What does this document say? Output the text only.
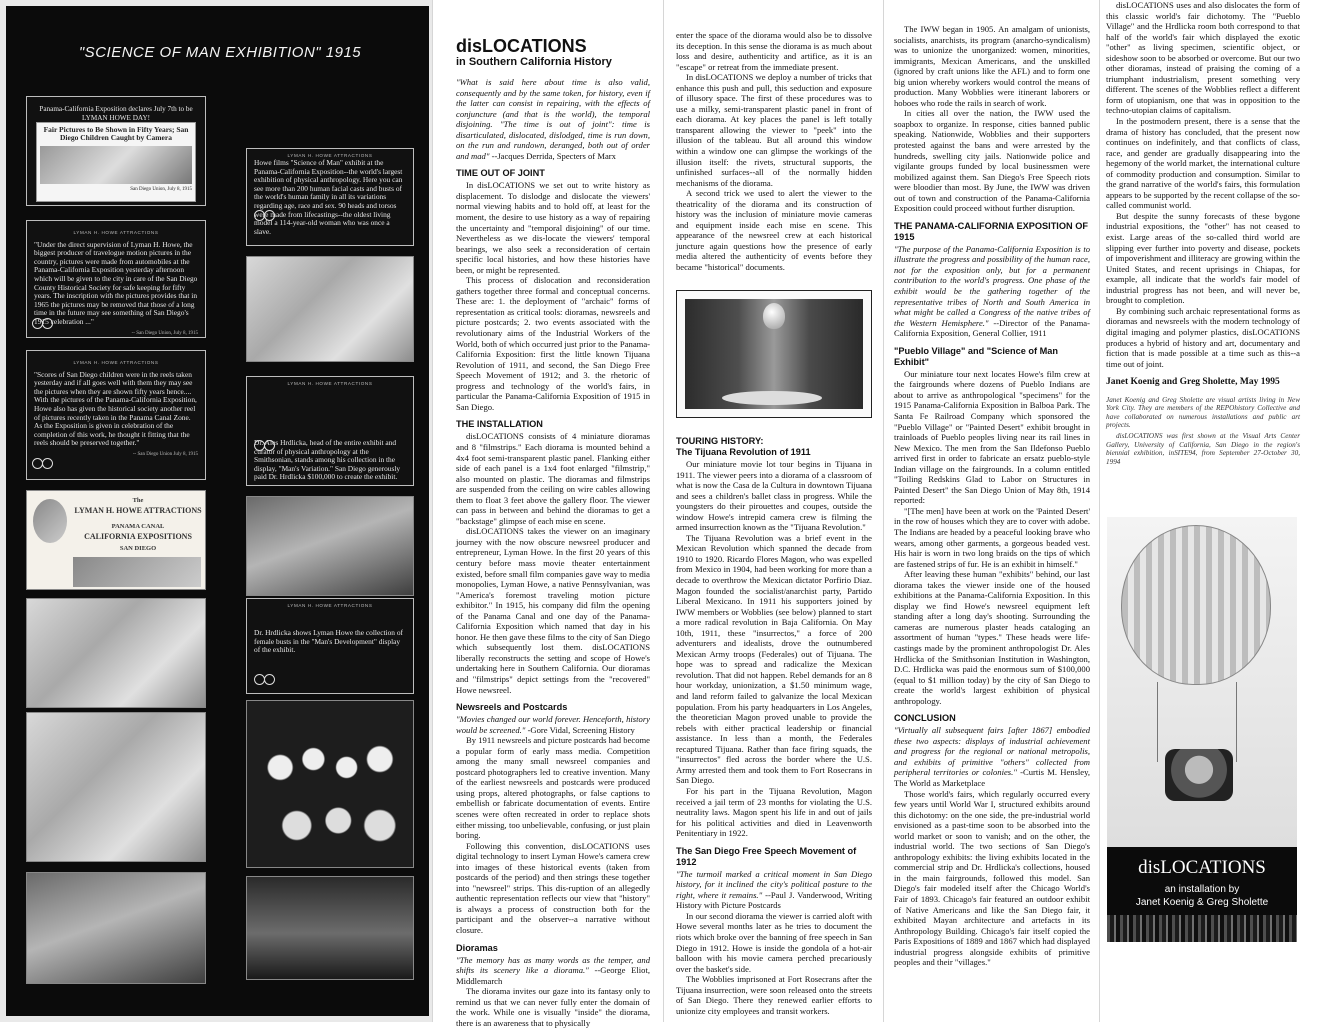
"SCIENCE OF MAN EXHIBITION" 1915

Panama-California Exposition declares July 7th to be LYMAN HOWE DAY!

Fair Pictures to Be Shown in Fifty Years; San Diego Children Caught by Camera
San Diego Union, July 8, 1915
LYMAN H. HOWE ATTRACTIONS

Howe films "Science of Man" exhibit at the Panama-California Exposition--the world's largest exhibition of physical anthropology. Here you can see more than 200 human facial casts and busts of the world's human family in all its variations regarding age, race and sex. 90 heads and torsos were made from lifecastings--the oldest living model a 114-year-old woman who was once a slave.

LYMAN H. HOWE ATTRACTIONS

"Under the direct supervision of Lyman H. Howe, the biggest producer of travelogue motion pictures in the country, pictures were made from automobiles at the Panama-California Exposition yesterday afternoon which will be given to the city in care of the San Diego County Historical Society for safe keeping for fifty years. The inscription with the pictures provides that in 1965 the pictures may be removed that those of a long time in the future may see something of San Diego's 1915 celebration ..."

-- San Diego Union, July 8, 1915
LYMAN H. HOWE ATTRACTIONS

"Scores of San Diego children were in the reels taken yesterday and if all goes well with them they may see the pictures when they are shown fifty years hence.... With the pictures of the Panama-California Exposition, Howe also has given the historical society another reel of pictures recently taken in the Panama Canal Zone. As the Exposition is given in celebration of the completion of this work, he thought it fitting that the reels should be preserved together."

-- San Diego Union July 8, 1915
LYMAN H. HOWE ATTRACTIONS

Dr. Ales Hrdlicka, head of the entire exhibit and curator of physical anthropology at the Smithsonian, stands among his collection in the display, "Man's Variation." San Diego generously paid Dr. Hrdlicka $100,000 to create the exhibit.

The
LYMAN H. HOWE ATTRACTIONS
PANAMA CANAL
CALIFORNIA EXPOSITIONS
SAN DIEGO
LYMAN H. HOWE ATTRACTIONS

Dr. Hrdlicka shows Lyman Howe the collection of female busts in the "Man's Development" display of the exhibit.

disLOCATIONS
in Southern California History

"What is said here about time is also valid, consequently and by the same token, for history, even if the latter can consist in repairing, with the effects of conjuncture (and that is the world), the temporal disjoining. "The time is out of joint": time is disarticulated, dislocated, dislodged, time is run down, on the run and rundown, deranged, both out of order and mad" --Jacques Derrida, Specters of Marx

TIME OUT OF JOINT

In disLOCATIONS we set out to write history as displacement. To dislodge and dislocate the viewers' normal viewing habits and to hold off, at least for the moment, the desire to use history as a way of repairing the uncertainty and "temporal disjoining" of our time. Nevertheless as we dis-locate the viewers' temporal bearings, we also seek a reconsideration of certain specific local histories, and how these histories have been, or might be represented.

This process of dislocation and reconsideration gathers together three formal and conceptual concerns. These are: 1. the deployment of "archaic" forms of representation as critical tools: dioramas, newsreels and picture postcards; 2. two events associated with the revolutionary aims of the Industrial Workers of the World, both of which occurred just prior to the Panama-California Exposition: first the little known Tijuana Revolution of 1911, and second, the San Diego Free Speech Movement of 1912; and 3. the rhetoric of progress and technology of the world's fairs, in particular the Panama-California Exposition of 1915 in San Diego.

THE INSTALLATION

disLOCATIONS consists of 4 miniature dioramas and 8 "filmstrips." Each diorama is mounted behind a 4x4 foot semi-transparent plastic panel. Flanking either side of each panel is a 1x4 foot enlarged "filmstrip," also mounted on plastic. The dioramas and filmstrips are suspended from the ceiling on wire cables allowing them to float 3 feet above the gallery floor. The viewer can pass in between and behind the dioramas to get a "backstage" glimpse of each mise en scene.

disLOCATIONS takes the viewer on an imaginary journey with the now obscure newsreel producer and entrepreneur, Lyman Howe. In the first 20 years of this century before mass movie theater entertainment existed, before small film companies gave way to media monopolies, Lyman Howe, a native Pennsylvanian, was "America's foremost traveling motion picture exhibitor." In 1915, his company did film the opening of the Panama Canal and one day of the Panama-California Exposition which named that day in his honor. He then gave these films to the city of San Diego which subsequently lost them. disLOCATIONS liberally reconstructs the setting and scope of Howe's undertaking here in Southern California. Our dioramas and "filmstrips" depict settings from the "recovered" Howe newsreel.

Newsreels and Postcards

"Movies changed our world forever. Henceforth, history would be screened." -Gore Vidal, Screening History

By 1911 newsreels and picture postcards had become a popular form of early mass media. Competition among the many small newsreel companies and postcard photographers led to creative invention. Many of the earliest newsreels and postcards were produced using props, altered photographs, or false captions to embellish or fabricate documentation of events. Entire scenes were often recreated in order to replace shots either missing, too unbelievable, confusing, or just plain boring.

Following this convention, disLOCATIONS uses digital technology to insert Lyman Howe's camera crew into images of these historical events (taken from postcards of the period) and then strings these together into "newsreel" strips. This dis-ruption of an allegedly authentic representation reflects our view that "history" is always a process of construction both for the participant and the observer--a narrative without closure.

Dioramas

"The memory has as many words as the temper, and shifts its scenery like a diorama." --George Eliot, Middlemarch

The diorama invites our gaze into its fantasy only to remind us that we can never fully enter the domain of the work. While one is visually "inside" the diorama, there is an awareness that to physically

enter the space of the diorama would also be to dissolve its deception. In this sense the diorama is as much about loss and desire, authenticity and artifice, as it is an "escape" or retreat from the immediate present.

In disLOCATIONS we deploy a number of tricks that enhance this push and pull, this seduction and exposure of illusory space. The first of these procedures was to use a milky, semi-transparent plastic panel in front of each diorama. At key places the panel is left totally transparent allowing the viewer to "peek" into the illusion of the tableau. But all around this window within a window one can glimpse the workings of the illusion itself: the rivets, structural supports, the unfinished surfaces--all of the normally hidden mechanisms of the diorama.

A second trick we used to alert the viewer to the theatricality of the diorama and its construction of history was the inclusion of miniature movie cameras and equipment inside each mise en scene. This appearance of the newsreel crew at each historical juncture again questions how the presence of early media altered the authenticity of events before they became "historical" documents.

TOURING HISTORY:
The Tijuana Revolution of 1911

Our miniature movie lot tour begins in Tijuana in 1911. The viewer peers into a diorama of a classroom of what is now the Casa de la Cultura in downtown Tijuana and sees a children's ballet class in progress. While the youngsters do their pirouettes and coupes, outside the window Howe's intrepid camera crew is filming the armed insurrection known as the "Tijuana Revolution."

The Tijuana Revolution was a brief event in the Mexican Revolution which spanned the decade from 1910 to 1920. Ricardo Flores Magon, who was expelled from Mexico in 1904, had been working for more than a decade to overthrow the Mexican dictator Porfirio Diaz. Magon founded the socialist/anarchist party, Partido Liberal Mexicano. In 1911 his supporters joined by IWW members or Wobblies (see below) planned to start a more radical revolution in Baja California. On May 10th, 1911, these "insurrectos," a force of 200 adventurers and idealists, drove the outnumbered Mexican Army troops (Federales) out of Tijuana. The hope was to spread and radicalize the Mexican revolution. That did not happen. Rebel demands for an 8 hour workday, unionization, a $1.50 minimum wage, and land reform failed to galvanize the local Mexican population. From his party headquarters in Los Angeles, the theoretician Magon proved unable to provide the rebels with either practical leadership or financial assistance. In less than a month, the Federales recaptured Tijuana. Rather than face firing squads, the "insurrectos" fled across the border where the U.S. Army arrested them and took them to Fort Rosecrans in San Diego.

For his part in the Tijuana Revolution, Magon received a jail term of 23 months for violating the U.S. neutrality laws. Magon spent his life in and out of jails for his political activities and died in Leavenworth Penitentiary in 1922.

The San Diego Free Speech Movement of 1912

"The turmoil marked a critical moment in San Diego history, for it inclined the city's political posture to the right, where it remains." --Paul J. Vanderwood, Writing History with Picture Postcards

In our second diorama the viewer is carried aloft with Howe several months later as he tries to document the riots which broke over the banning of free speech in San Diego in 1912. Howe is inside the gondola of a hot-air balloon with his movie camera perched precariously over the basket's side.

The Wobblies imprisoned at Fort Rosecrans after the Tijuana insurrection, were soon released onto the streets of San Diego. There they renewed earlier efforts to unionize city employees and transit workers.

The IWW began in 1905. An amalgam of unionists, socialists, anarchists, its program (anarcho-syndicalism) was to unionize the unorganized: women, minorities, immigrants, Mexican Americans, and the unskilled (ignored by craft unions like the AFL) and to form one big union whereby workers would control the means of production. Many Wobblies were itinerant laborers or hoboes who rode the rails in search of work.

In cities all over the nation, the IWW used the soapbox to organize. In response, cities banned public speaking. Nationwide, Wobblies and their supporters protested against the bans and were arrested by the hundreds, swelling city jails. Nationwide police and vigilante groups funded by local businessmen were mobilized against them. San Diego's Free Speech riots were bloodier than most. By June, the IWW was driven out of town and construction of the Panama-California Exposition could proceed without further disruption.

THE PANAMA-CALIFORNIA EXPOSITION OF 1915

"The purpose of the Panama-California Exposition is to illustrate the progress and possibility of the human race, not for the exposition only, but for a permanent contribution to the world's progress. One phase of the exhibit would be the gathering together of the representative tribes of North and South America in what might be called a Congress of the native tribes of the Western Hemisphere." --Director of the Panama-California Exposition, General Collier, 1911

"Pueblo Village" and "Science of Man Exhibit"

Our miniature tour next locates Howe's film crew at the fairgrounds where dozens of Pueblo Indians are about to arrive as anthropological "specimens" for the 1915 Panama-California Exposition in Balboa Park. The Santa Fe Railroad Company which sponsored the "Pueblo Village" or "Painted Desert" exhibit brought in trainloads of Pueblo peoples living near its rail lines in New Mexico. The men from the San Ildefonso Pueblo arrived first in order to fabricate an ersatz pueblo-style Indian village on the fairgrounds. In a column entitled "Toiling Redskins Glad to Labor on Structures in Painted Desert" the San Diego Union of May 8th, 1914 reported:

"[The men] have been at work on the 'Painted Desert' in the row of houses which they are to cover with adobe. The Indians are headed by a peaceful looking brave who wears, among other garments, a gorgeous beaded vest. His hair is worn in two long braids on the tips of which are fastened strips of fur. He is an exhibit in himself."

After leaving these human "exhibits" behind, our last diorama takes the viewer inside one of the housed exhibitions at the Panama-California Exposition. In this display we find Howe's newsreel equipment left standing after a long day's shooting. Surrounding the cameras are numerous plaster heads cataloging an assortment of human "types." These heads were life-castings made by the prominent anthropologist Dr. Ales Hrdlicka of the Smithsonian Institution in Washington, D.C. Hrdlicka was paid the enormous sum of $100,000 (equal to $1 million today) by the city of San Diego to create the world's largest exhibition of physical anthropology.

CONCLUSION

"Virtually all subsequent fairs [after 1867] embodied these two aspects: displays of industrial achievement and progress for the regional or national metropolis, and exhibits of primitive "others" collected from peripheral territories or colonies." -Curtis M. Hensley, The World as Marketplace

Those world's fairs, which regularly occurred every few years until World War I, structured exhibits around this dichotomy: on the one side, the pre-industrial world envisioned as a past-time soon to be absorbed into the world market or soon to vanish; and on the other, the industrial world. The two sections of San Diego's anthropology exhibits: the living exhibits located in the commercial strip and Dr. Hrdlicka's collections, housed in the main fairgrounds, followed this model. San Diego's fair modeled itself after the Chicago World's Fair of 1893. Chicago's fair featured an outdoor exhibit of Native Americans and like the San Diego fair, it exhibited Mayan architecture and artefacts in its Anthropology Building. Chicago's fair itself copied the Paris Expositions of 1889 and 1867 which had displayed industrial progress alongside exhibits of primitive peoples and their "villages."

disLOCATIONS uses and also dislocates the form of this classic world's fair dichotomy. The "Pueblo Village" and the Hrdlicka room both correspond to that half of the world's fair which displayed the exotic "other" as living specimen, scientific object, or sideshow soon to be absorbed or overcome. But our two other dioramas, instead of praising the coming of a triumphant industrialism, present something very different. The scenes of the Wobblies reflect a different form of utopianism, one that was in opposition to the techno-utopian claims of capitalism.

In the postmodern present, there is a sense that the drama of history has concluded, that the present now continues on indefinitely, and that conflicts of class, race, and gender are gradually disappearing into the hegemony of the world market, the international culture of commodity production and consumption. Similar to the grand narrative of the world's fairs, this formulation appears to be supported by the recent collapse of the so-called communist world.

But despite the sunny forecasts of these bygone industrial expositions, the "other" has not ceased to exist. Large areas of the so-called third world are slipping ever further into poverty and disease, pockets of impoverishment and illiteracy are growing within the United States, and recent uprisings in Chiapas, for example, all indicate that the world's fair model of industrial progress has not been, and will never be, brought to completion.

By combining such archaic representational forms as dioramas and newsreels with the modern technology of digital imaging and polymer plastics, disLOCATIONS produces a hybrid of history and art, documentary and fiction that is made possible at a time such as this--a time out of joint.

Janet Koenig and Greg Sholette, May 1995

Janet Koenig and Greg Sholette are visual artists living in New York City. They are members of the REPOhistory Collective and have collaborated on numerous installations and public art projects.

disLOCATIONS was first shown at the Visual Arts Center Gallery, University of California, San Diego in the region's biennial exhibition, inSITE94, from September 27-October 30, 1994

disLOCATIONS
an installation by
Janet Koenig & Greg Sholette
